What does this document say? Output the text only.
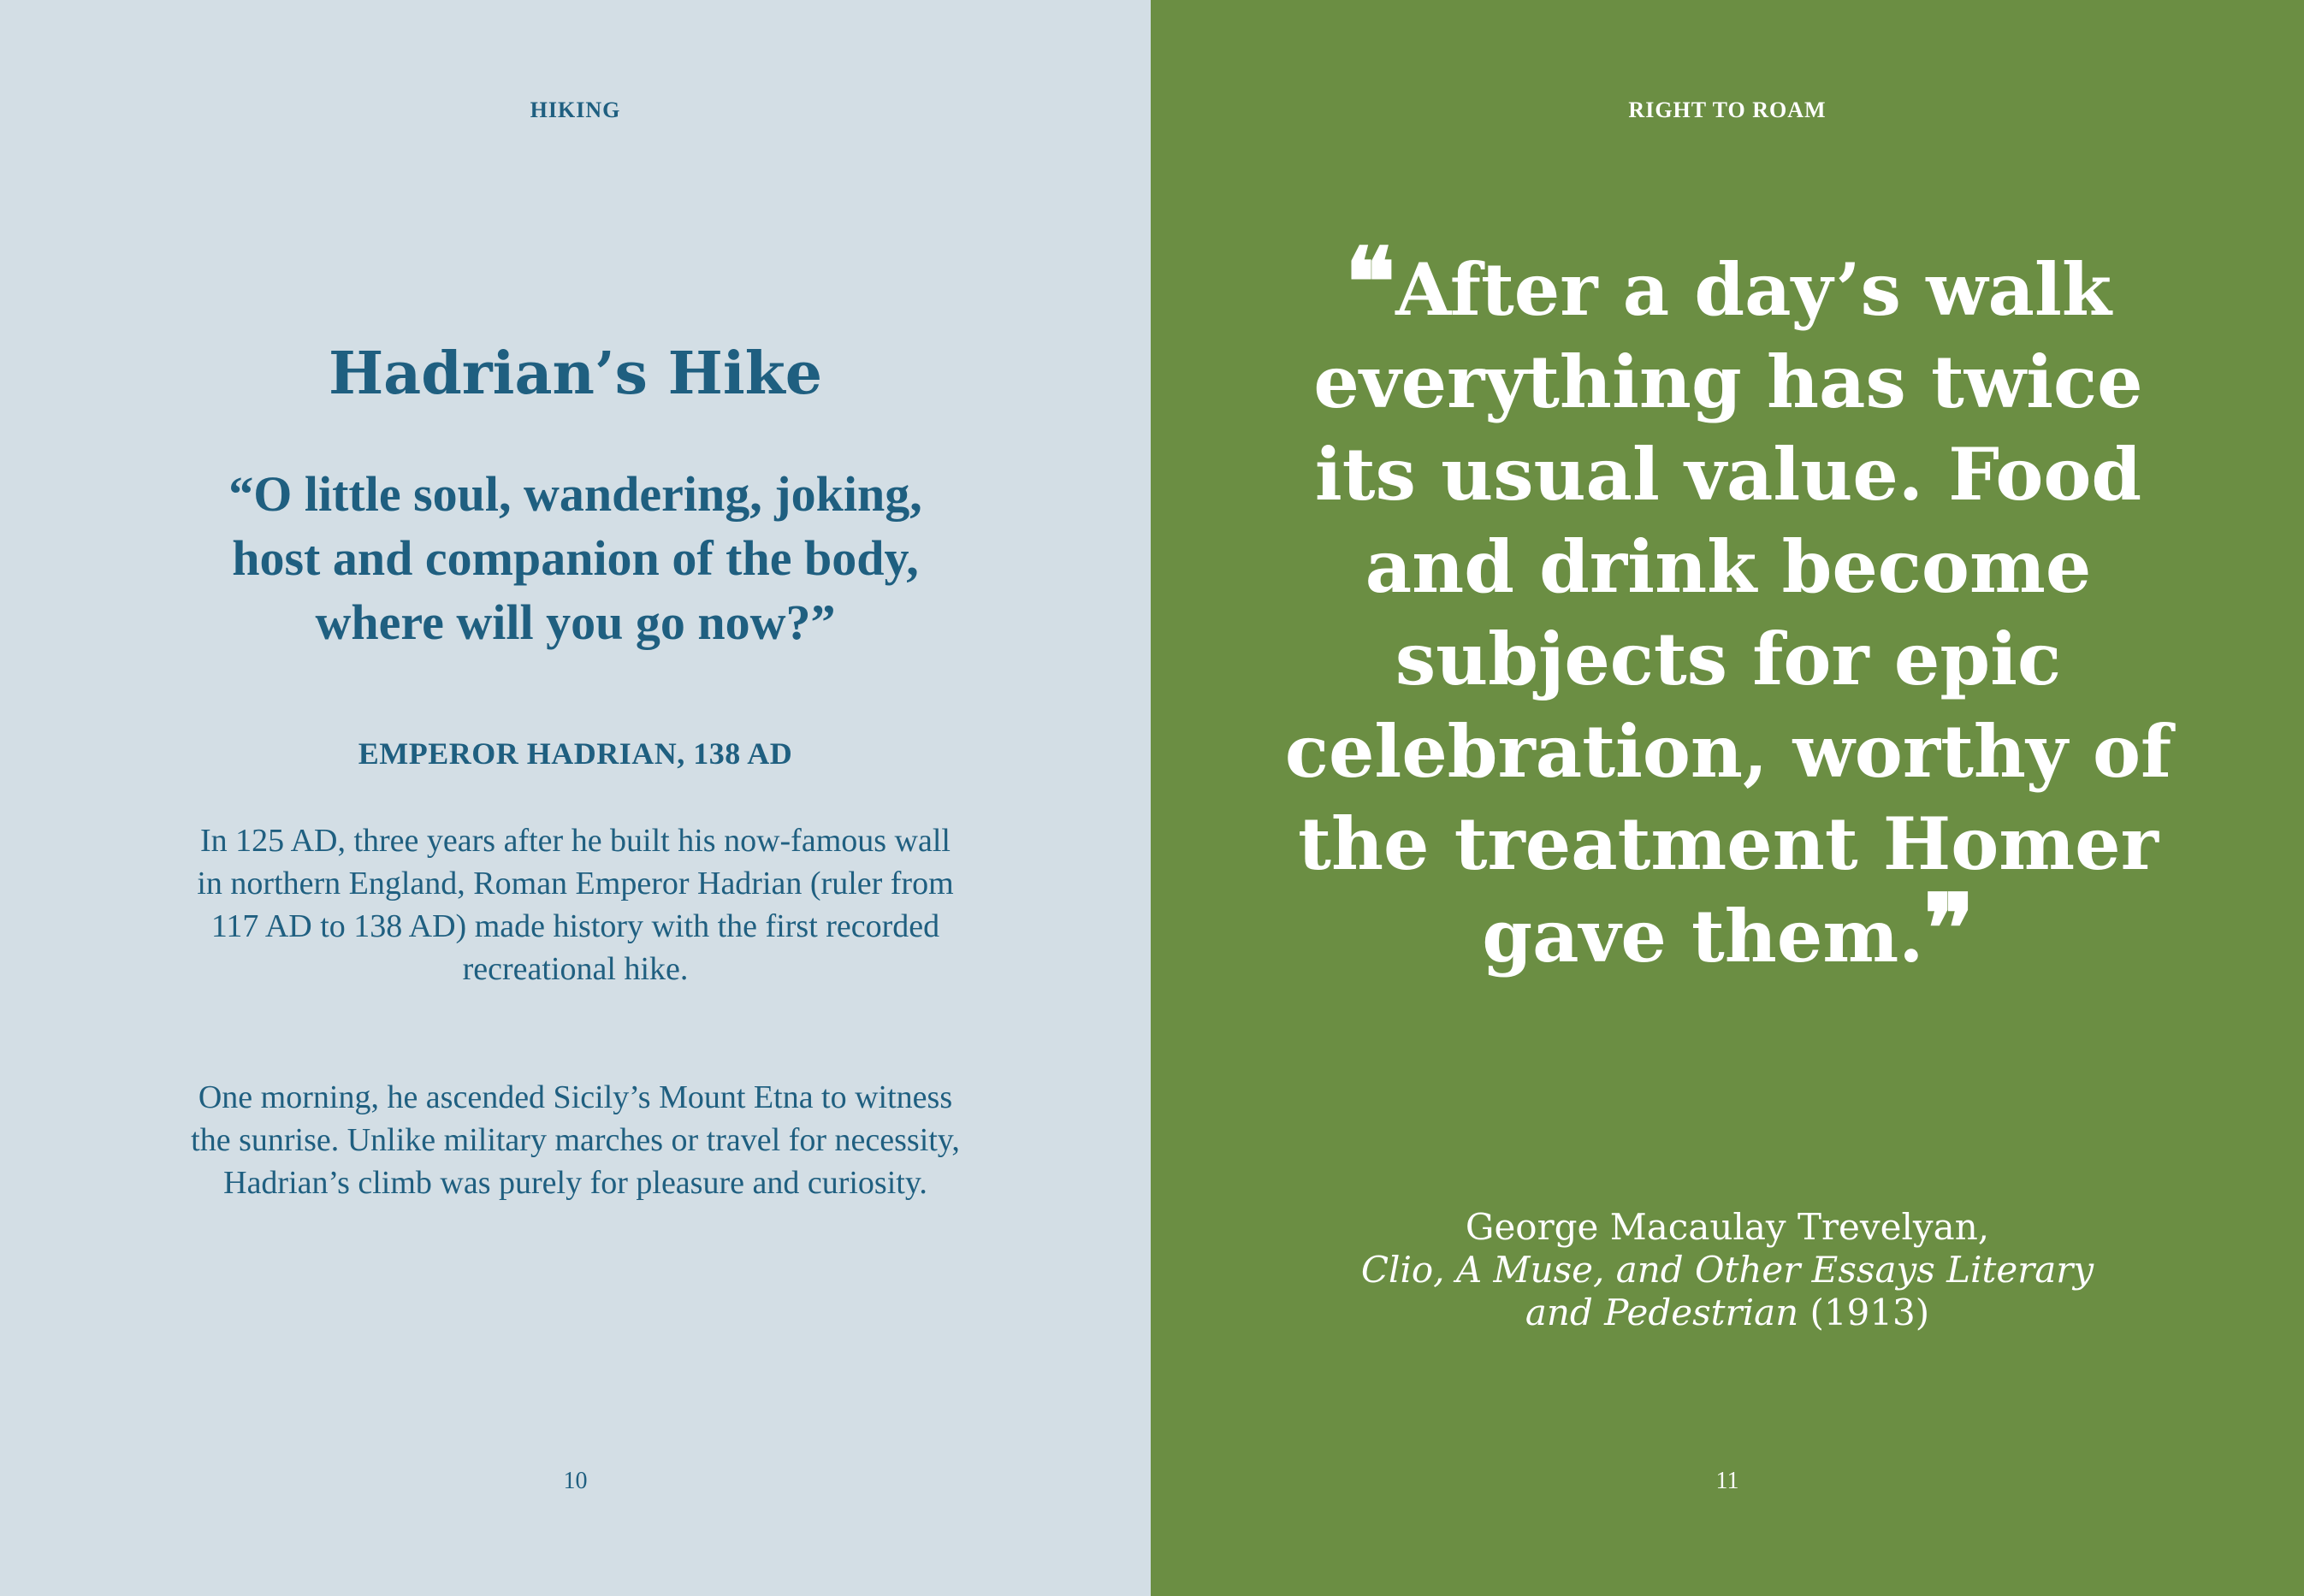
HIKING
Hadrian’s Hike

“O little soul, wandering, joking, host and companion of the body, where will you go now?”

EMPEROR HADRIAN, 138 AD

In 125 AD, three years after he built his now-famous wall in northern England, Roman Emperor Hadrian (ruler from 117 AD to 138 AD) made history with the first recorded recreational hike.

One morning, he ascended Sicily’s Mount Etna to witness the sunrise. Unlike military marches or travel for necessity, Hadrian’s climb was purely for pleasure and curiosity.

10
RIGHT TO ROAM

❝After a day’s walk everything has twice its usual value. Food and drink become subjects for epic celebration, worthy of the treatment Homer gave them.❞

George Macaulay Trevelyan,
Clio, A Muse, and Other Essays Literary and Pedestrian (1913)
11
